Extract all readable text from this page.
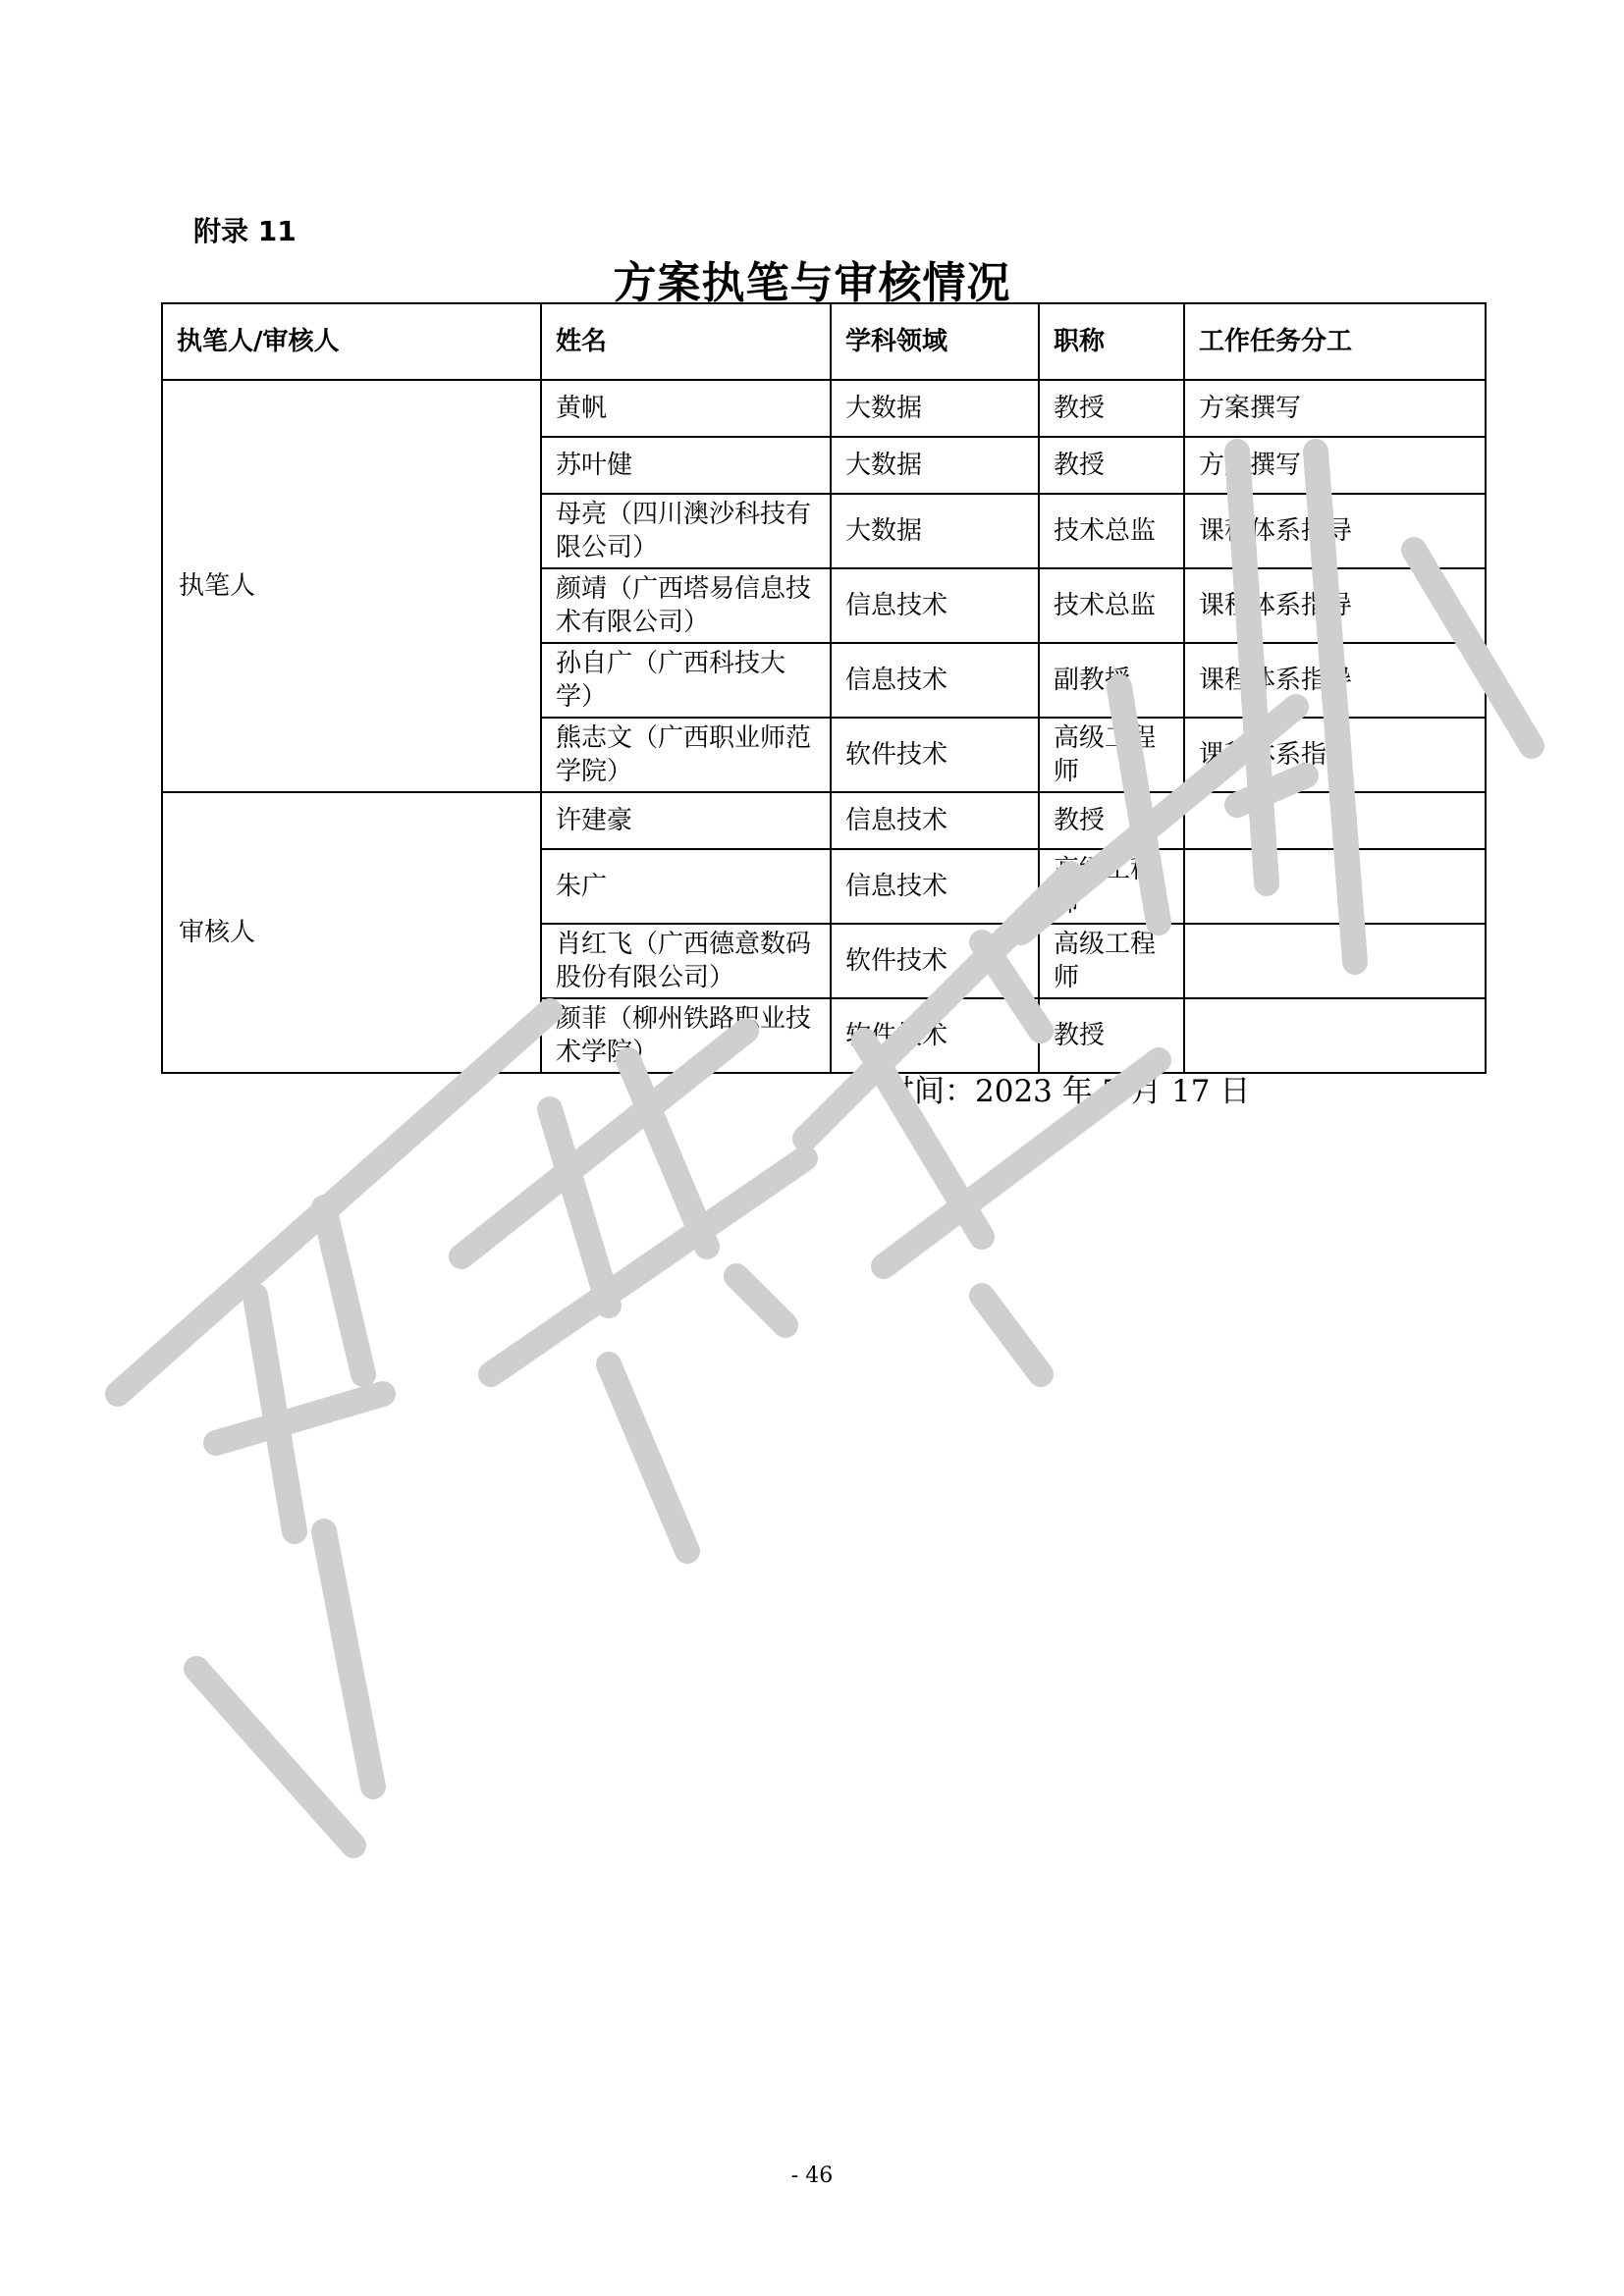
附录 11
方案执笔与审核情况
执笔人/审核人	姓名	学科领域	职称	工作任务分工
执笔人	黄帆	大数据	教授	方案撰写
	苏叶健	大数据	教授	方案撰写
	母亮（四川澳沙科技有限公司）	大数据	技术总监	课程体系指导
	颜靖（广西塔易信息技术有限公司）	信息技术	技术总监	课程体系指导
	孙自广（广西科技大学）	信息技术	副教授	课程体系指导
	熊志文（广西职业师范学院）	软件技术	高级工程师	课程体系指导
审核人	许建豪	信息技术	教授	
	朱广	信息技术	高级工程师	
	肖红飞（广西德意数码股份有限公司）	软件技术	高级工程师	
	颜菲（柳州铁路职业技术学院）	软件技术	教授	
时间：2023 年 7 月 17 日
- 46
